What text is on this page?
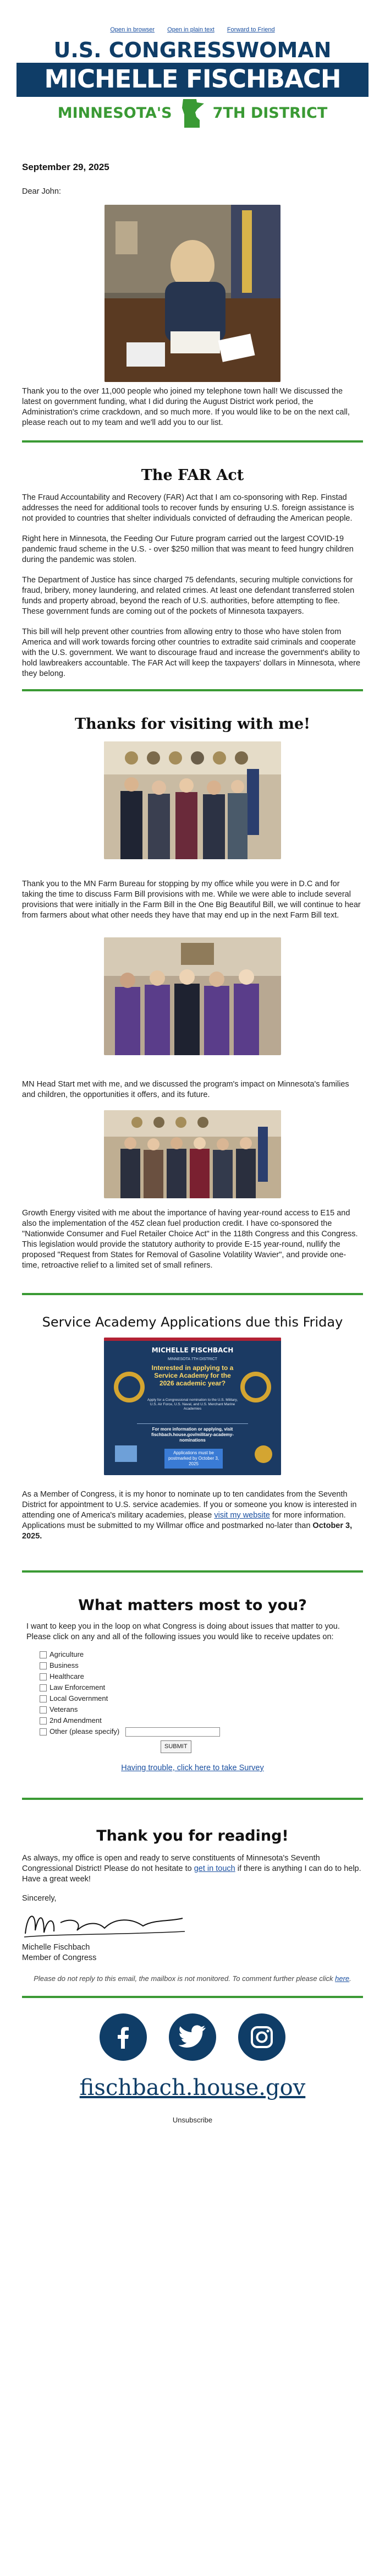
Open in browser Open in plain text Forward to Friend
U.S. CONGRESSWOMAN
MICHELLE FISCHBACH
MINNESOTA'S	7TH DISTRICT
September 29, 2025
Dear John:
Thank you to the over 11,000 people who joined my telephone town hall! We discussed the latest on government funding, what I did during the August District work period, the Administration's crime crackdown, and so much more. If you would like to be on the next call, please reach out to my team and we'll add you to our list.
The FAR Act
The Fraud Accountability and Recovery (FAR) Act that I am co-sponsoring with Rep. Finstad addresses the need for additional tools to recover funds by ensuring U.S. foreign assistance is not provided to countries that shelter individuals convicted of defrauding the American people.
Right here in Minnesota, the Feeding Our Future program carried out the largest COVID-19 pandemic fraud scheme in the U.S. - over $250 million that was meant to feed hungry children during the pandemic was stolen.
The Department of Justice has since charged 75 defendants, securing multiple convictions for fraud, bribery, money laundering, and related crimes. At least one defendant transferred stolen funds and property abroad, beyond the reach of U.S. authorities, before attempting to flee. These government funds are coming out of the pockets of Minnesota taxpayers.
This bill will help prevent other countries from allowing entry to those who have stolen from America and will work towards forcing other countries to extradite said criminals and cooperate with the U.S. government. We want to discourage fraud and increase the government's ability to hold lawbreakers accountable. The FAR Act will keep the taxpayers' dollars in Minnesota, where they belong.
Thanks for visiting with me!
Thank you to the MN Farm Bureau for stopping by my office while you were in D.C and for taking the time to discuss Farm Bill provisions with me. While we were able to include several provisions that were initially in the Farm Bill in the One Big Beautiful Bill, we will continue to hear from farmers about what other needs they have that may end up in the next Farm Bill text.
MN Head Start met with me, and we discussed the program's impact on Minnesota's families and children, the opportunities it offers, and its future.
Growth Energy visited with me about the importance of having year-round access to E15 and also the implementation of the 45Z clean fuel production credit. I have co-sponsored the "Nationwide Consumer and Fuel Retailer Choice Act" in the 118th Congress and this Congress. This legislation would provide the statutory authority to provide E-15 year-round, nullify the proposed "Request from States for Removal of Gasoline Volatility Wavier", and provide one-time, retroactive relief to a limited set of small refiners.
Service Academy Applications due this Friday
MICHELLE FISCHBACH
MINNESOTA 7TH DISTRICT
Interested in applying to a Service Academy for the 2026 academic year?
Apply for a Congressional nomination to the U.S. Military, U.S. Air Force, U.S. Naval, and U.S. Merchant Marine Academies
For more information or applying, visit fischbach.house.gov/military-academy-nominations
Applications must be postmarked by October 3, 2025
As a Member of Congress, it is my honor to nominate up to ten candidates from the Seventh District for appointment to U.S. service academies. If you or someone you know is interested in attending one of America's military academies, please visit my website for more information. Applications must be submitted to my Willmar office and postmarked no-later than October 3, 2025.
What matters most to you?
I want to keep you in the loop on what Congress is doing about issues that matter to you. Please click on any and all of the following issues you would like to receive updates on:
Agriculture
Business
Healthcare
Law Enforcement
Local Government
Veterans
2nd Amendment
Other (please specify)
SUBMIT
Having trouble, click here to take Survey
Thank you for reading!
As always, my office is open and ready to serve constituents of Minnesota's Seventh Congressional District! Please do not hesitate to get in touch if there is anything I can do to help. Have a great week!
Sincerely,
Michelle Fischbach
Member of Congress
Please do not reply to this email, the mailbox is not monitored. To comment further please click here.
fischbach.house.gov
Unsubscribe
